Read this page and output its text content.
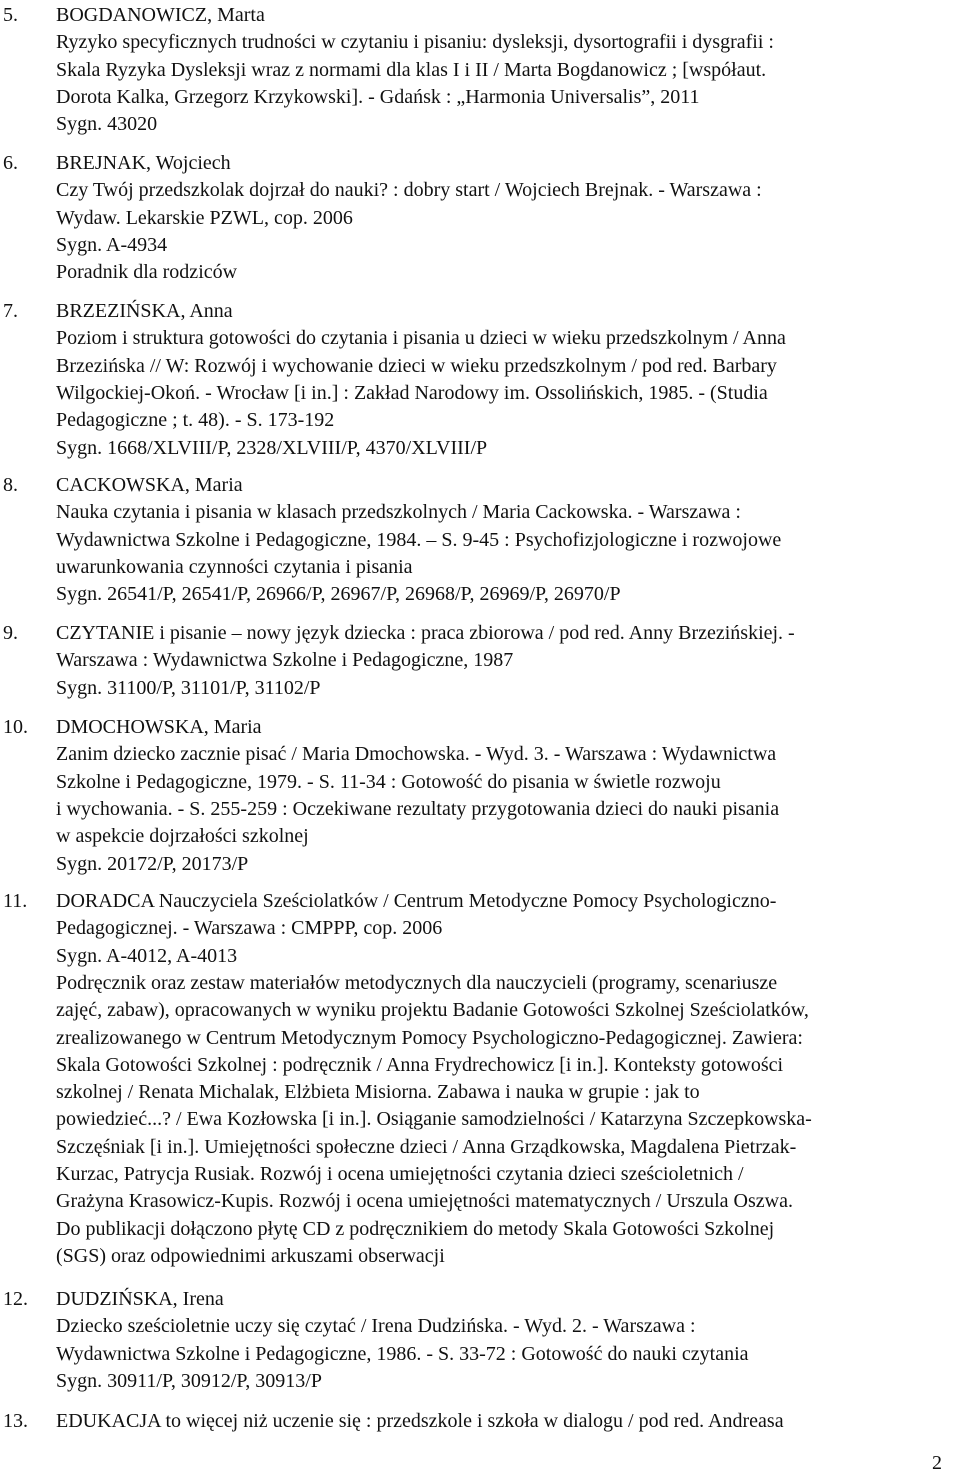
5. BOGDANOWICZ, Marta
Ryzyko specyficznych trudności w czytaniu i pisaniu: dysleksji, dysortografii i dysgrafii :
Skala Ryzyka Dysleksji wraz z normami dla klas I i II / Marta Bogdanowicz ; [współaut.
Dorota Kalka, Grzegorz Krzykowski]. - Gdańsk : „Harmonia Universalis”, 2011
Sygn. 43020
6. BREJNAK, Wojciech
Czy Twój przedszkolak dojrzał do nauki? : dobry start / Wojciech Brejnak. - Warszawa :
Wydaw. Lekarskie PZWL, cop. 2006
Sygn. A-4934
Poradnik dla rodziców
7. BRZEZIŃSKA, Anna
Poziom i struktura gotowości do czytania i pisania u dzieci w wieku przedszkolnym / Anna
Brzezińska // W: Rozwój i wychowanie dzieci w wieku przedszkolnym / pod red. Barbary
Wilgockiej-Okoń. - Wrocław [i in.] : Zakład Narodowy im. Ossolińskich, 1985. - (Studia
Pedagogiczne ; t. 48). - S. 173-192
Sygn. 1668/XLVIII/P, 2328/XLVIII/P, 4370/XLVIII/P
8. CACKOWSKA, Maria
Nauka czytania i pisania w klasach przedszkolnych / Maria Cackowska. - Warszawa :
Wydawnictwa Szkolne i Pedagogiczne, 1984. – S. 9-45 : Psychofizjologiczne i rozwojowe
uwarunkowania czynności czytania i pisania
Sygn. 26541/P, 26541/P, 26966/P, 26967/P, 26968/P, 26969/P, 26970/P
9. CZYTANIE i pisanie – nowy język dziecka : praca zbiorowa / pod red. Anny Brzezińskiej. -
Warszawa : Wydawnictwa Szkolne i Pedagogiczne, 1987
Sygn. 31100/P, 31101/P, 31102/P
10. DMOCHOWSKA, Maria
Zanim dziecko zacznie pisać / Maria Dmochowska. - Wyd. 3. - Warszawa : Wydawnictwa
Szkolne i Pedagogiczne, 1979. - S. 11-34 : Gotowość do pisania w świetle rozwoju
i wychowania. - S. 255-259 : Oczekiwane rezultaty przygotowania dzieci do nauki pisania
w aspekcie dojrzałości szkolnej
Sygn. 20172/P, 20173/P
11. DORADCA Nauczyciela Sześciolatków / Centrum Metodyczne Pomocy Psychologiczno-
Pedagogicznej. - Warszawa : CMPPP, cop. 2006
Sygn. A-4012, A-4013
Podręcznik oraz zestaw materiałów metodycznych dla nauczycieli (programy, scenariusze
zajęć, zabaw), opracowanych w wyniku projektu Badanie Gotowości Szkolnej Sześciolatków,
zrealizowanego w Centrum Metodycznym Pomocy Psychologiczno-Pedagogicznej. Zawiera:
Skala Gotowości Szkolnej : podręcznik / Anna Frydrechowicz [i in.]. Konteksty gotowości
szkolnej / Renata Michalak, Elżbieta Misiorna. Zabawa i nauka w grupie : jak to
powiedzieć...? / Ewa Kozłowska [i in.]. Osiąganie samodzielności / Katarzyna Szczepkowska-
Szczęśniak [i in.]. Umiejętności społeczne dzieci / Anna Grządkowska, Magdalena Pietrzak-
Kurzac, Patrycja Rusiak. Rozwój i ocena umiejętności czytania dzieci sześcioletnich /
Grażyna Krasowicz-Kupis. Rozwój i ocena umiejętności matematycznych / Urszula Oszwa.
Do publikacji dołączono płytę CD z podręcznikiem do metody Skala Gotowości Szkolnej
(SGS) oraz odpowiednimi arkuszami obserwacji
12. DUDZIŃSKA, Irena
Dziecko sześcioletnie uczy się czytać / Irena Dudzińska. - Wyd. 2. - Warszawa :
Wydawnictwa Szkolne i Pedagogiczne, 1986. - S. 33-72 : Gotowość do nauki czytania
Sygn. 30911/P, 30912/P, 30913/P
13. EDUKACJA to więcej niż uczenie się : przedszkole i szkoła w dialogu / pod red. Andreasa
2
